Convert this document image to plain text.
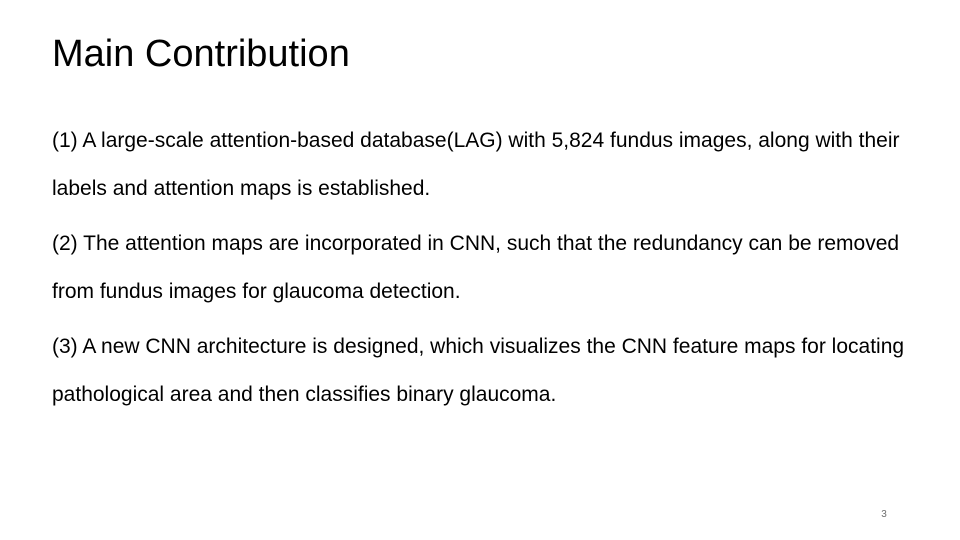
Main Contribution
(1) A large-scale attention-based database(LAG) with 5,824 fundus images, along with their labels and attention maps is established.
(2) The attention maps are incorporated in CNN, such that the redundancy can be removed from fundus images for glaucoma detection.
(3) A new CNN architecture is designed, which visualizes the CNN feature maps for locating pathological area and then classifies binary glaucoma.
3
